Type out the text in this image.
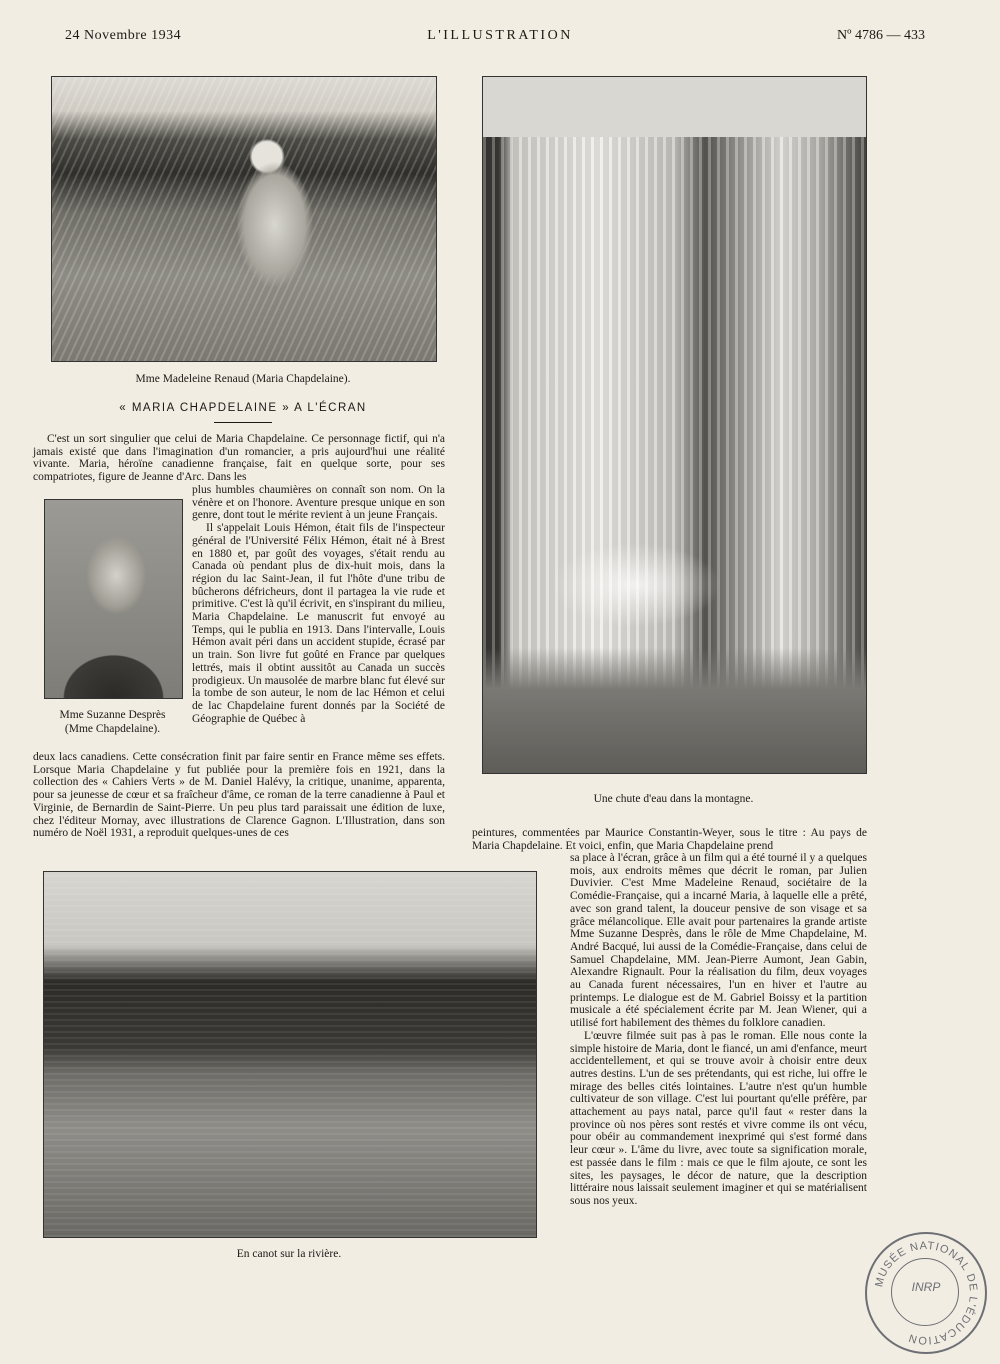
24 Novembre 1934	L'ILLUSTRATION	Nº 4786 — 433
Mme Madeleine Renaud (Maria Chapdelaine).
Une chute d'eau dans la montagne.
Mme Suzanne Desprès
(Mme Chapdelaine).
En canot sur la rivière.
« MARIA CHAPDELAINE » A L'ÉCRAN

C'est un sort singulier que celui de Maria Chapdelaine. Ce personnage fictif, qui n'a jamais existé que dans l'imagination d'un romancier, a pris aujourd'hui une réalité vivante. Maria, héroïne canadienne française, fait en quelque sorte, pour ses compatriotes, figure de Jeanne d'Arc. Dans les

plus humbles chaumières on connaît son nom. On la vénère et on l'honore. Aventure presque unique en son genre, dont tout le mérite revient à un jeune Français.

Il s'appelait Louis Hémon, était fils de l'inspecteur général de l'Université Félix Hémon, était né à Brest en 1880 et, par goût des voyages, s'était rendu au Canada où pendant plus de dix-huit mois, dans la région du lac Saint-Jean, il fut l'hôte d'une tribu de bûcherons défricheurs, dont il partagea la vie rude et primitive. C'est là qu'il écrivit, en s'inspirant du milieu, Maria Chapdelaine. Le manuscrit fut envoyé au Temps, qui le publia en 1913. Dans l'intervalle, Louis Hémon avait péri dans un accident stupide, écrasé par un train. Son livre fut goûté en France par quelques lettrés, mais il obtint aussitôt au Canada un succès prodigieux. Un mausolée de marbre blanc fut élevé sur la tombe de son auteur, le nom de lac Hémon et celui de lac Chapdelaine furent donnés par la Société de Géographie de Québec à

deux lacs canadiens. Cette consécration finit par faire sentir en France même ses effets. Lorsque Maria Chapdelaine y fut publiée pour la première fois en 1921, dans la collection des « Cahiers Verts » de M. Daniel Halévy, la critique, unanime, apparenta, pour sa jeunesse de cœur et sa fraîcheur d'âme, ce roman de la terre canadienne à Paul et Virginie, de Bernardin de Saint-Pierre. Un peu plus tard paraissait une édition de luxe, chez l'éditeur Mornay, avec illustrations de Clarence Gagnon. L'Illustration, dans son numéro de Noël 1931, a reproduit quelques-unes de ces	peintures, commentées par Maurice Constantin-Weyer, sous le titre : Au pays de Maria Chapdelaine. Et voici, enfin, que Maria Chapdelaine prend

sa place à l'écran, grâce à un film qui a été tourné il y a quelques mois, aux endroits mêmes que décrit le roman, par Julien Duvivier. C'est Mme Madeleine Renaud, sociétaire de la Comédie-Française, qui a incarné Maria, à laquelle elle a prêté, avec son grand talent, la douceur pensive de son visage et sa grâce mélancolique. Elle avait pour partenaires la grande artiste Mme Suzanne Desprès, dans le rôle de Mme Chapdelaine, M. André Bacqué, lui aussi de la Comédie-Française, dans celui de Samuel Chapdelaine, MM. Jean-Pierre Aumont, Jean Gabin, Alexandre Rignault. Pour la réalisation du film, deux voyages au Canada furent nécessaires, l'un en hiver et l'autre au printemps. Le dialogue est de M. Gabriel Boissy et la partition musicale a été spécialement écrite par M. Jean Wiener, qui a utilisé fort habilement des thèmes du folklore canadien.

L'œuvre filmée suit pas à pas le roman. Elle nous conte la simple histoire de Maria, dont le fiancé, un ami d'enfance, meurt accidentellement, et qui se trouve avoir à choisir entre deux autres destins. L'un de ses prétendants, qui est riche, lui offre le mirage des belles cités lointaines. L'autre n'est qu'un humble cultivateur de son village. C'est lui pourtant qu'elle préfère, par attachement au pays natal, parce qu'il faut « rester dans la province où nos pères sont restés et vivre comme ils ont vécu, pour obéir au commandement inexprimé qui s'est formé dans leur cœur ». L'âme du livre, avec toute sa signification morale, est passée dans le film : mais ce que le film ajoute, ce sont les sites, les paysages, le décor de nature, que la description littéraire nous laissait seulement imaginer et qui se matérialisent sous nos yeux.

MUSÉE NATIONAL DE L'ÉDUCATION
INRP
